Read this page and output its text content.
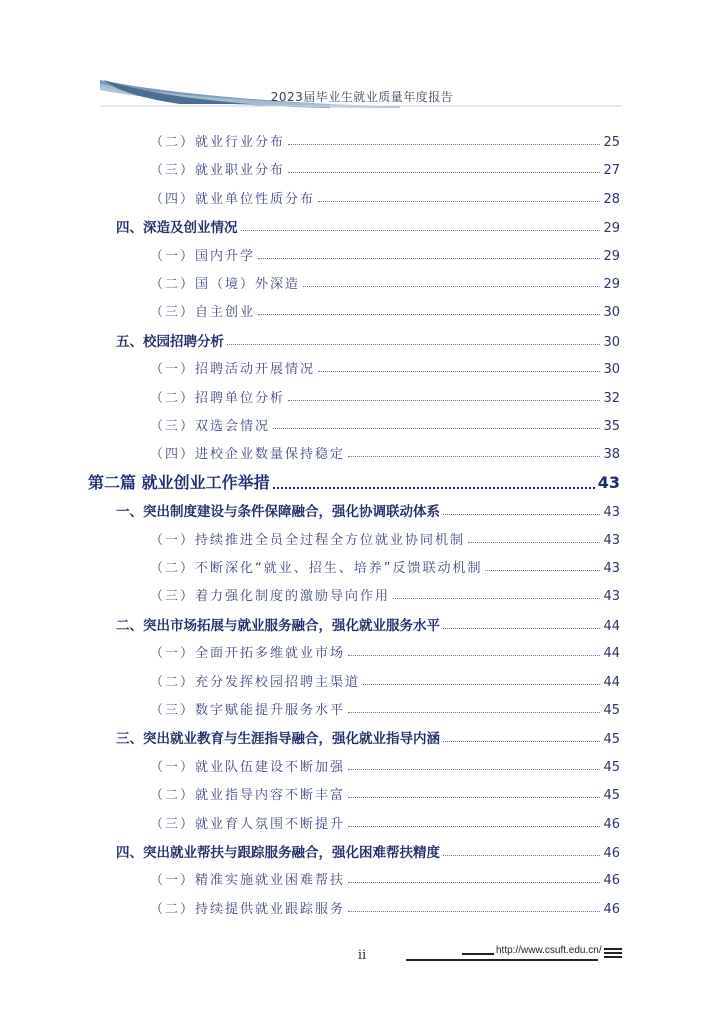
2023届毕业生就业质量年度报告
（二）就业行业分布	25
（三）就业职业分布	27
（四）就业单位性质分布	28
四、深造及创业情况	29
（一）国内升学	29
（二）国（境）外深造	29
（三）自主创业	30
五、校园招聘分析	30
（一）招聘活动开展情况	30
（二）招聘单位分析	32
（三）双选会情况	35
（四）进校企业数量保持稳定	38
第二篇 就业创业工作举措	43
一、突出制度建设与条件保障融合，强化协调联动体系	43
（一）持续推进全员全过程全方位就业协同机制	43
（二）不断深化“就业、招生、培养”反馈联动机制	43
（三）着力强化制度的激励导向作用	43
二、突出市场拓展与就业服务融合，强化就业服务水平	44
（一）全面开拓多维就业市场	44
（二）充分发挥校园招聘主渠道	44
（三）数字赋能提升服务水平	45
三、突出就业教育与生涯指导融合，强化就业指导内涵	45
（一）就业队伍建设不断加强	45
（二）就业指导内容不断丰富	45
（三）就业育人氛围不断提升	46
四、突出就业帮扶与跟踪服务融合，强化困难帮扶精度	46
（一）精准实施就业困难帮扶	46
（二）持续提供就业跟踪服务	46
ii	http://www.csuft.edu.cn/
